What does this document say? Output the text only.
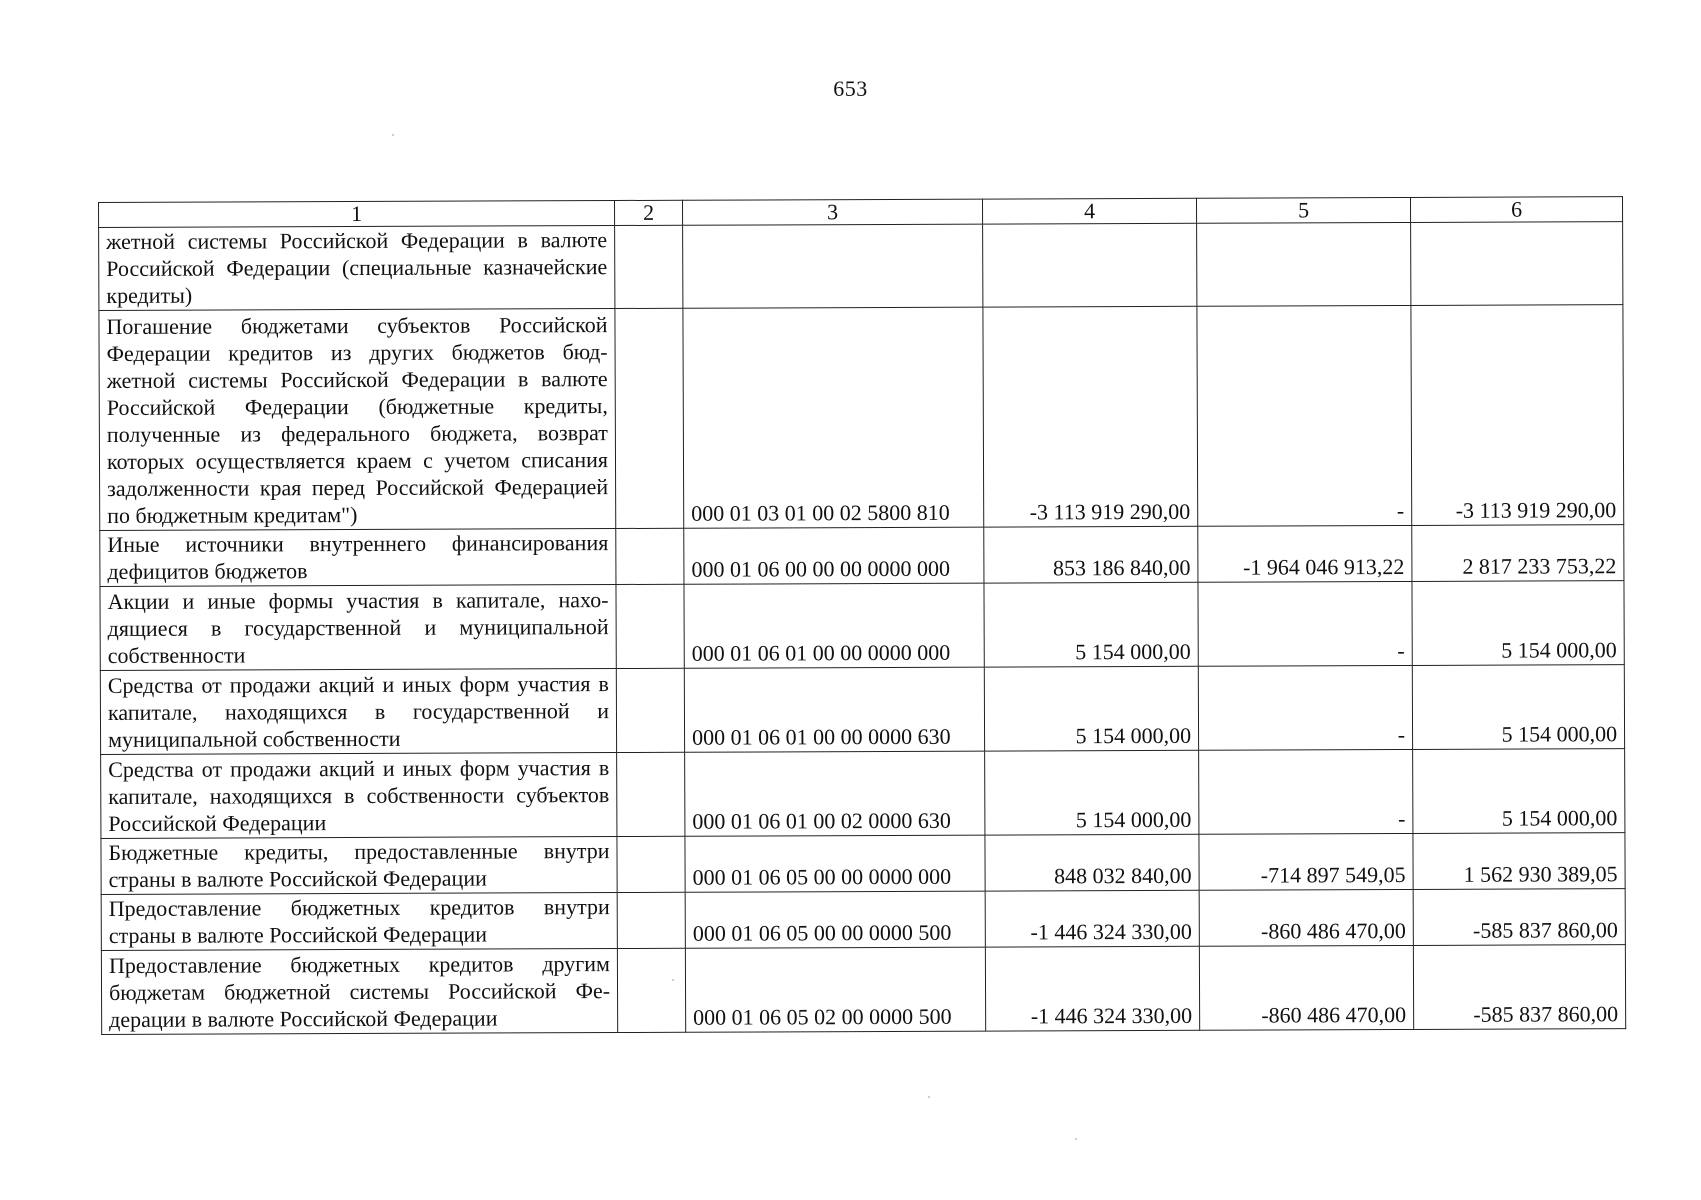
653
1	2	3	4	5	6
жетной системы Российской Федерации в валюте Российской Федерации (специальные казначейские кредиты)					
Погашение бюджетами субъектов Российской Федерации кредитов из других бюджетов бюджетной системы Российской Федерации в валюте Российской Федерации (бюджетные кредиты, полученные из федерального бюджета, возврат которых осуществляется краем с учетом списания задолженности края перед Российской Федерацией по бюджетным кредитам")		000 01 03 01 00 02 5800 810	-3 113 919 290,00	-	-3 113 919 290,00
Иные источники внутреннего финансирования дефицитов бюджетов		000 01 06 00 00 00 0000 000	853 186 840,00	-1 964 046 913,22	2 817 233 753,22
Акции и иные формы участия в капитале, находящиеся в государственной и муниципальной собственности		000 01 06 01 00 00 0000 000	5 154 000,00	-	5 154 000,00
Средства от продажи акций и иных форм участия в капитале, находящихся в государственной и муниципальной собственности		000 01 06 01 00 00 0000 630	5 154 000,00	-	5 154 000,00
Средства от продажи акций и иных форм участия в капитале, находящихся в собственности субъектов Российской Федерации		000 01 06 01 00 02 0000 630	5 154 000,00	-	5 154 000,00
Бюджетные кредиты, предоставленные внутри страны в валюте Российской Федерации		000 01 06 05 00 00 0000 000	848 032 840,00	-714 897 549,05	1 562 930 389,05
Предоставление бюджетных кредитов внутри страны в валюте Российской Федерации		000 01 06 05 00 00 0000 500	-1 446 324 330,00	-860 486 470,00	-585 837 860,00
Предоставление бюджетных кредитов другим бюджетам бюджетной системы Российской Федерации в валюте Российской Федерации		000 01 06 05 02 00 0000 500	-1 446 324 330,00	-860 486 470,00	-585 837 860,00
